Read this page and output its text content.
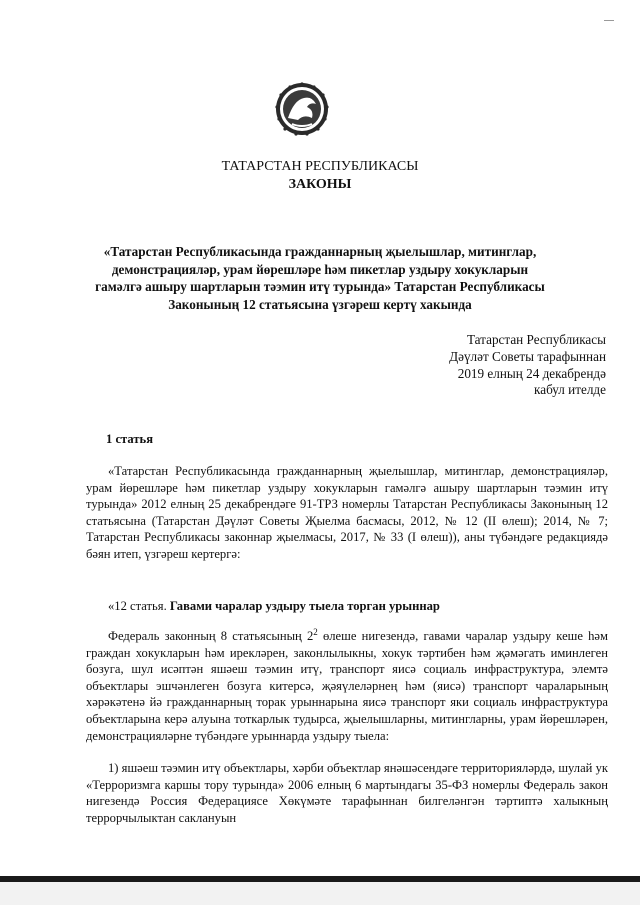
ТАТАРСТАН РЕСПУБЛИКАСЫ
ЗАКОНЫ
«Татарстан Республикасында гражданнарның җыелышлар, митинглар,
демонстрацияләр, урам йөрешләре һәм пикетлар уздыру хокукларын
гамәлгә ашыру шартларын тәэмин итү турында» Татарстан Республикасы
Законының 12 статьясына үзгәреш кертү хакында
Татарстан Республикасы
Дәүләт Советы тарафыннан
2019 елның 24 декабрендә
кабул ителде
1 статья

«Татарстан Республикасында гражданнарның җыелышлар, митинглар, демонстрацияләр, урам йөрешләре һәм пикетлар уздыру хокукларын гамәлгә ашыру шартларын тәэмин итү турында» 2012 елның 25 декабрендәге 91-ТРЗ номерлы Татарстан Республикасы Законының 12 статьясына (Татарстан Дәүләт Советы Җыелма басмасы, 2012, № 12 (II өлеш); 2014, № 7; Татарстан Республикасы законнар җыелмасы, 2017, № 33 (I өлеш)), аны түбәндәге редакциядә бәян итеп, үзгәреш кертергә:

«12 статья. Гавами чаралар уздыру тыела торган урыннар

Федераль законның 8 статьясының $2^2$ өлеше нигезендә, гавами чаралар уздыру кешe һәм граждан хокукларын һәм ирекләрен, законлылыкны, хокук тәртибен һәм җәмәгать иминлеген бозуга, шул исәптән яшәеш тәэмин итү, транспорт яисә социаль инфраструктура, элемтә объектлары эшчәнлеген бозуга китерсә, җәяүлеләрнең һәм (яисә) транспорт чараларының хәрәкәтенә йә гражданнарның торак урыннарына яисә транспорт яки социаль инфраструктура объектларына керә алуына тоткарлык тудырса, җыелышларны, митингларны, урам йөрешләрен, демонстрацияләрне түбәндәге урыннарда уздыру тыела:

1) яшәеш тәэмин итү объектлары, хәрби объектлар янәшәсендәге территорияләрдә, шулай ук «Терроризмга каршы тору турында» 2006 елның 6 мартындагы 35-ФЗ номерлы Федераль закон нигезендә Россия Федерациясе Хөкүмәте тарафыннан билгеләнгән тәртиптә халыкның террорчылыктан саклануын
